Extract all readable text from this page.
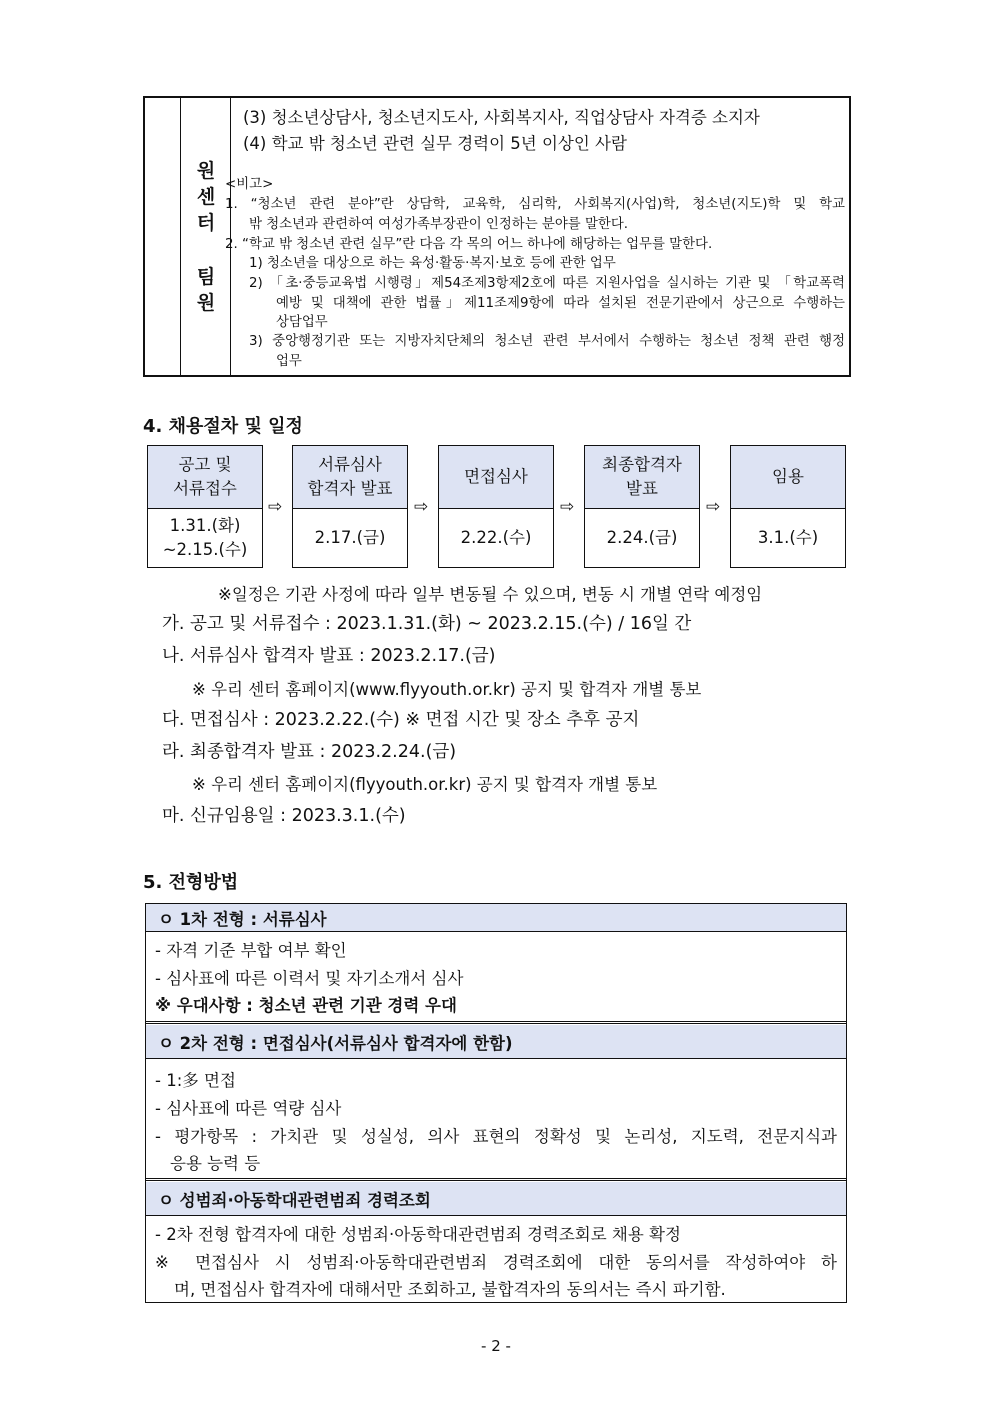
원
센
터
팀
원
(3) 청소년상담사, 청소년지도사, 사회복지사, 직업상담사 자격증 소지자
(4) 학교 밖 청소년 관련 실무 경력이 5년 이상인 사람
<비고>
1. “청소년 관련 분야”란 상담학, 교육학, 심리학, 사회복지(사업)학, 청소년(지도)학 및 학교
밖 청소년과 관련하여 여성가족부장관이 인정하는 분야를 말한다.
2. “학교 밖 청소년 관련 실무”란 다음 각 목의 어느 하나에 해당하는 업무를 말한다.
1) 청소년을 대상으로 하는 육성·활동·복지·보호 등에 관한 업무
2) 「초·중등교육법 시행령」제54조제3항제2호에 따른 지원사업을 실시하는 기관 및 「학교폭력
예방 및 대책에 관한 법률」제11조제9항에 따라 설치된 전문기관에서 상근으로 수행하는
상담업무
3) 중앙행정기관 또는 지방자치단체의 청소년 관련 부서에서 수행하는 청소년 정책 관련 행정
업무
4. 채용절차 및 일정
공고 및
서류접수
1.31.(화)
~2.15.(수)
⇨
서류심사
합격자 발표
2.17.(금)
⇨
면접심사
2.22.(수)
⇨
최종합격자
발표
2.24.(금)
⇨
임용
3.1.(수)
※일정은 기관 사정에 따라 일부 변동될 수 있으며, 변동 시 개별 연락 예정임
가. 공고 및 서류접수 : 2023.1.31.(화) ~ 2023.2.15.(수) / 16일 간
나. 서류심사 합격자 발표 : 2023.2.17.(금)
※ 우리 센터 홈페이지(www.flyyouth.or.kr) 공지 및 합격자 개별 통보
다. 면접심사 : 2023.2.22.(수) ※ 면접 시간 및 장소 추후 공지
라. 최종합격자 발표 : 2023.2.24.(금)
※ 우리 센터 홈페이지(flyyouth.or.kr) 공지 및 합격자 개별 통보
마. 신규임용일 : 2023.3.1.(수)
5. 전형방법
ㅇ 1차 전형 : 서류심사
- 자격 기준 부합 여부 확인
- 심사표에 따른 이력서 및 자기소개서 심사
※ 우대사항 : 청소년 관련 기관 경력 우대
ㅇ 2차 전형 : 면접심사(서류심사 합격자에 한함)
- 1:多 면접
- 심사표에 따른 역량 심사
- 평가항목 : 가치관 및 성실성, 의사 표현의 정확성 및 논리성, 지도력, 전문지식과
응용 능력 등
ㅇ 성범죄·아동학대관련범죄 경력조회
- 2차 전형 합격자에 대한 성범죄·아동학대관련범죄 경력조회로 채용 확정
※ 면접심사 시 성범죄·아동학대관련범죄 경력조회에 대한 동의서를 작성하여야 하
며, 면접심사 합격자에 대해서만 조회하고, 불합격자의 동의서는 즉시 파기함.
- 2 -
